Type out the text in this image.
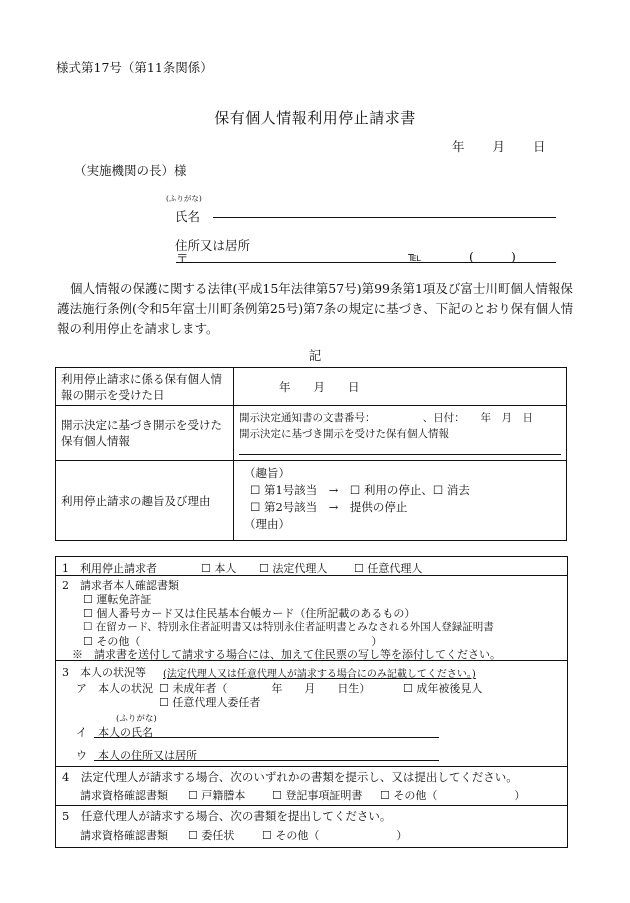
様式第17号（第11条関係）
保有個人情報利用停止請求書
年 月 日
（実施機関の長）様
(ふりがな)
氏名
住所又は居所
〒	℡	(	)
個人情報の保護に関する法律(平成15年法律第57号)第99条第1項及び富士川町個人情報保護法施行条例(令和5年富士川町条例第25号)第7条の規定に基づき、下記のとおり保有個人情報の利用停止を請求します。
記
利用停止請求に係る保有個人情報の開示を受けた日	年　　月　　日
開示決定に基づき開示を受けた保有個人情報	開示決定通知書の文書番号：　　　　　、日付：　　年　月　日
開示決定に基づき開示を受けた保有個人情報

利用停止請求の趣旨及び理由	（趣旨）
☐ 第1号該当　→　☐ 利用の停止、☐ 消去
☐ 第2号該当　→　提供の停止
（理由）
1　利用停止請求者	☐ 本人 ☐ 法定代理人 ☐ 任意代理人
2　請求者本人確認書類
☐ 運転免許証
☐ 個人番号カード又は住民基本台帳カード（住所記載のあるもの）
☐ 在留カード、特別永住者証明書又は特別永住者証明書とみなされる外国人登録証明書
☐ その他（　　　　　　　　　　　　　　　　　　　　　）
※　請求書を送付して請求する場合には、加えて住民票の写し等を添付してください。
3　本人の状況等 (法定代理人又は任意代理人が請求する場合にのみ記載してください。)
ア　本人の状況 ☐ 未成年者（　　　　年　　月　　日生）	☐ 成年被後見人
☐ 任意代理人委任者
(ふりがな)
イ　本人の氏名
ウ　本人の住所又は居所
4　法定代理人が請求する場合、次のいずれかの書類を提示し、又は提出してください。
請求資格確認書類 ☐ 戸籍謄本 ☐ 登記事項証明書 ☐ その他（　　　　　　　）
5　任意代理人が請求する場合、次の書類を提出してください。
請求資格確認書類 ☐ 委任状	☐ その他（　　　　　　　）
